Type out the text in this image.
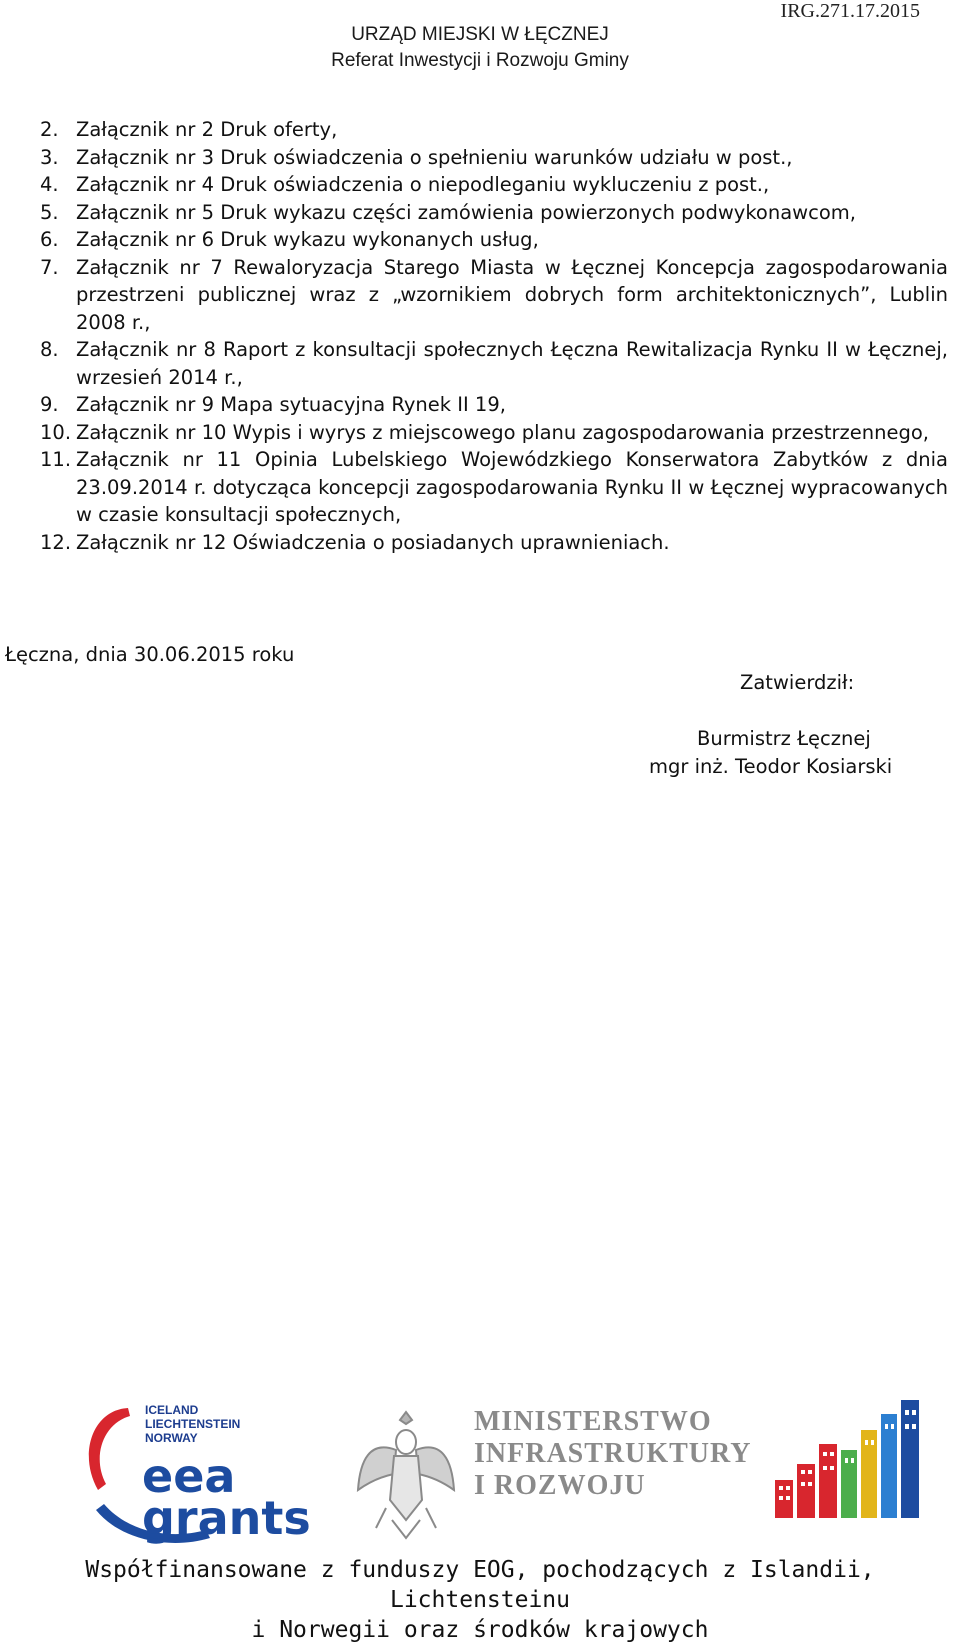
IRG.271.17.2015
URZĄD MIEJSKI W ŁĘCZNEJ
Referat Inwestycji i Rozwoju Gminy
2. Załącznik nr 2 Druk oferty,
3. Załącznik nr 3 Druk oświadczenia o spełnieniu warunków udziału w post.,
4. Załącznik nr 4 Druk oświadczenia o niepodleganiu wykluczeniu z post.,
5. Załącznik nr 5 Druk wykazu części zamówienia powierzonych podwykonawcom,
6. Załącznik nr 6 Druk wykazu wykonanych usług,
7. Załącznik nr 7 Rewaloryzacja Starego Miasta w Łęcznej Koncepcja zagospodarowania przestrzeni publicznej wraz z „wzornikiem dobrych form architektonicznych”, Lublin 2008 r.,
8. Załącznik nr 8 Raport z konsultacji społecznych Łęczna Rewitalizacja Rynku II w Łęcznej, wrzesień 2014 r.,
9. Załącznik nr 9 Mapa sytuacyjna Rynek II 19,
10. Załącznik nr 10 Wypis i wyrys z miejscowego planu zagospodarowania przestrzennego,
11. Załącznik nr 11 Opinia Lubelskiego Wojewódzkiego Konserwatora Zabytków z dnia 23.09.2014 r. dotycząca koncepcji zagospodarowania Rynku II w Łęcznej wypracowanych w czasie konsultacji społecznych,
12. Załącznik nr 12 Oświadczenia o posiadanych uprawnieniach.
Łęczna, dnia 30.06.2015 roku
Zatwierdził:
Burmistrz Łęcznej
mgr inż. Teodor Kosiarski
ICELAND
LIECHTENSTEIN
NORWAY
eea
grants
MINISTERSTWO
INFRASTRUKTURY
I ROZWOJU
Współfinansowane z funduszy EOG, pochodzących z Islandii, Lichtensteinu
i Norwegii oraz środków krajowych
